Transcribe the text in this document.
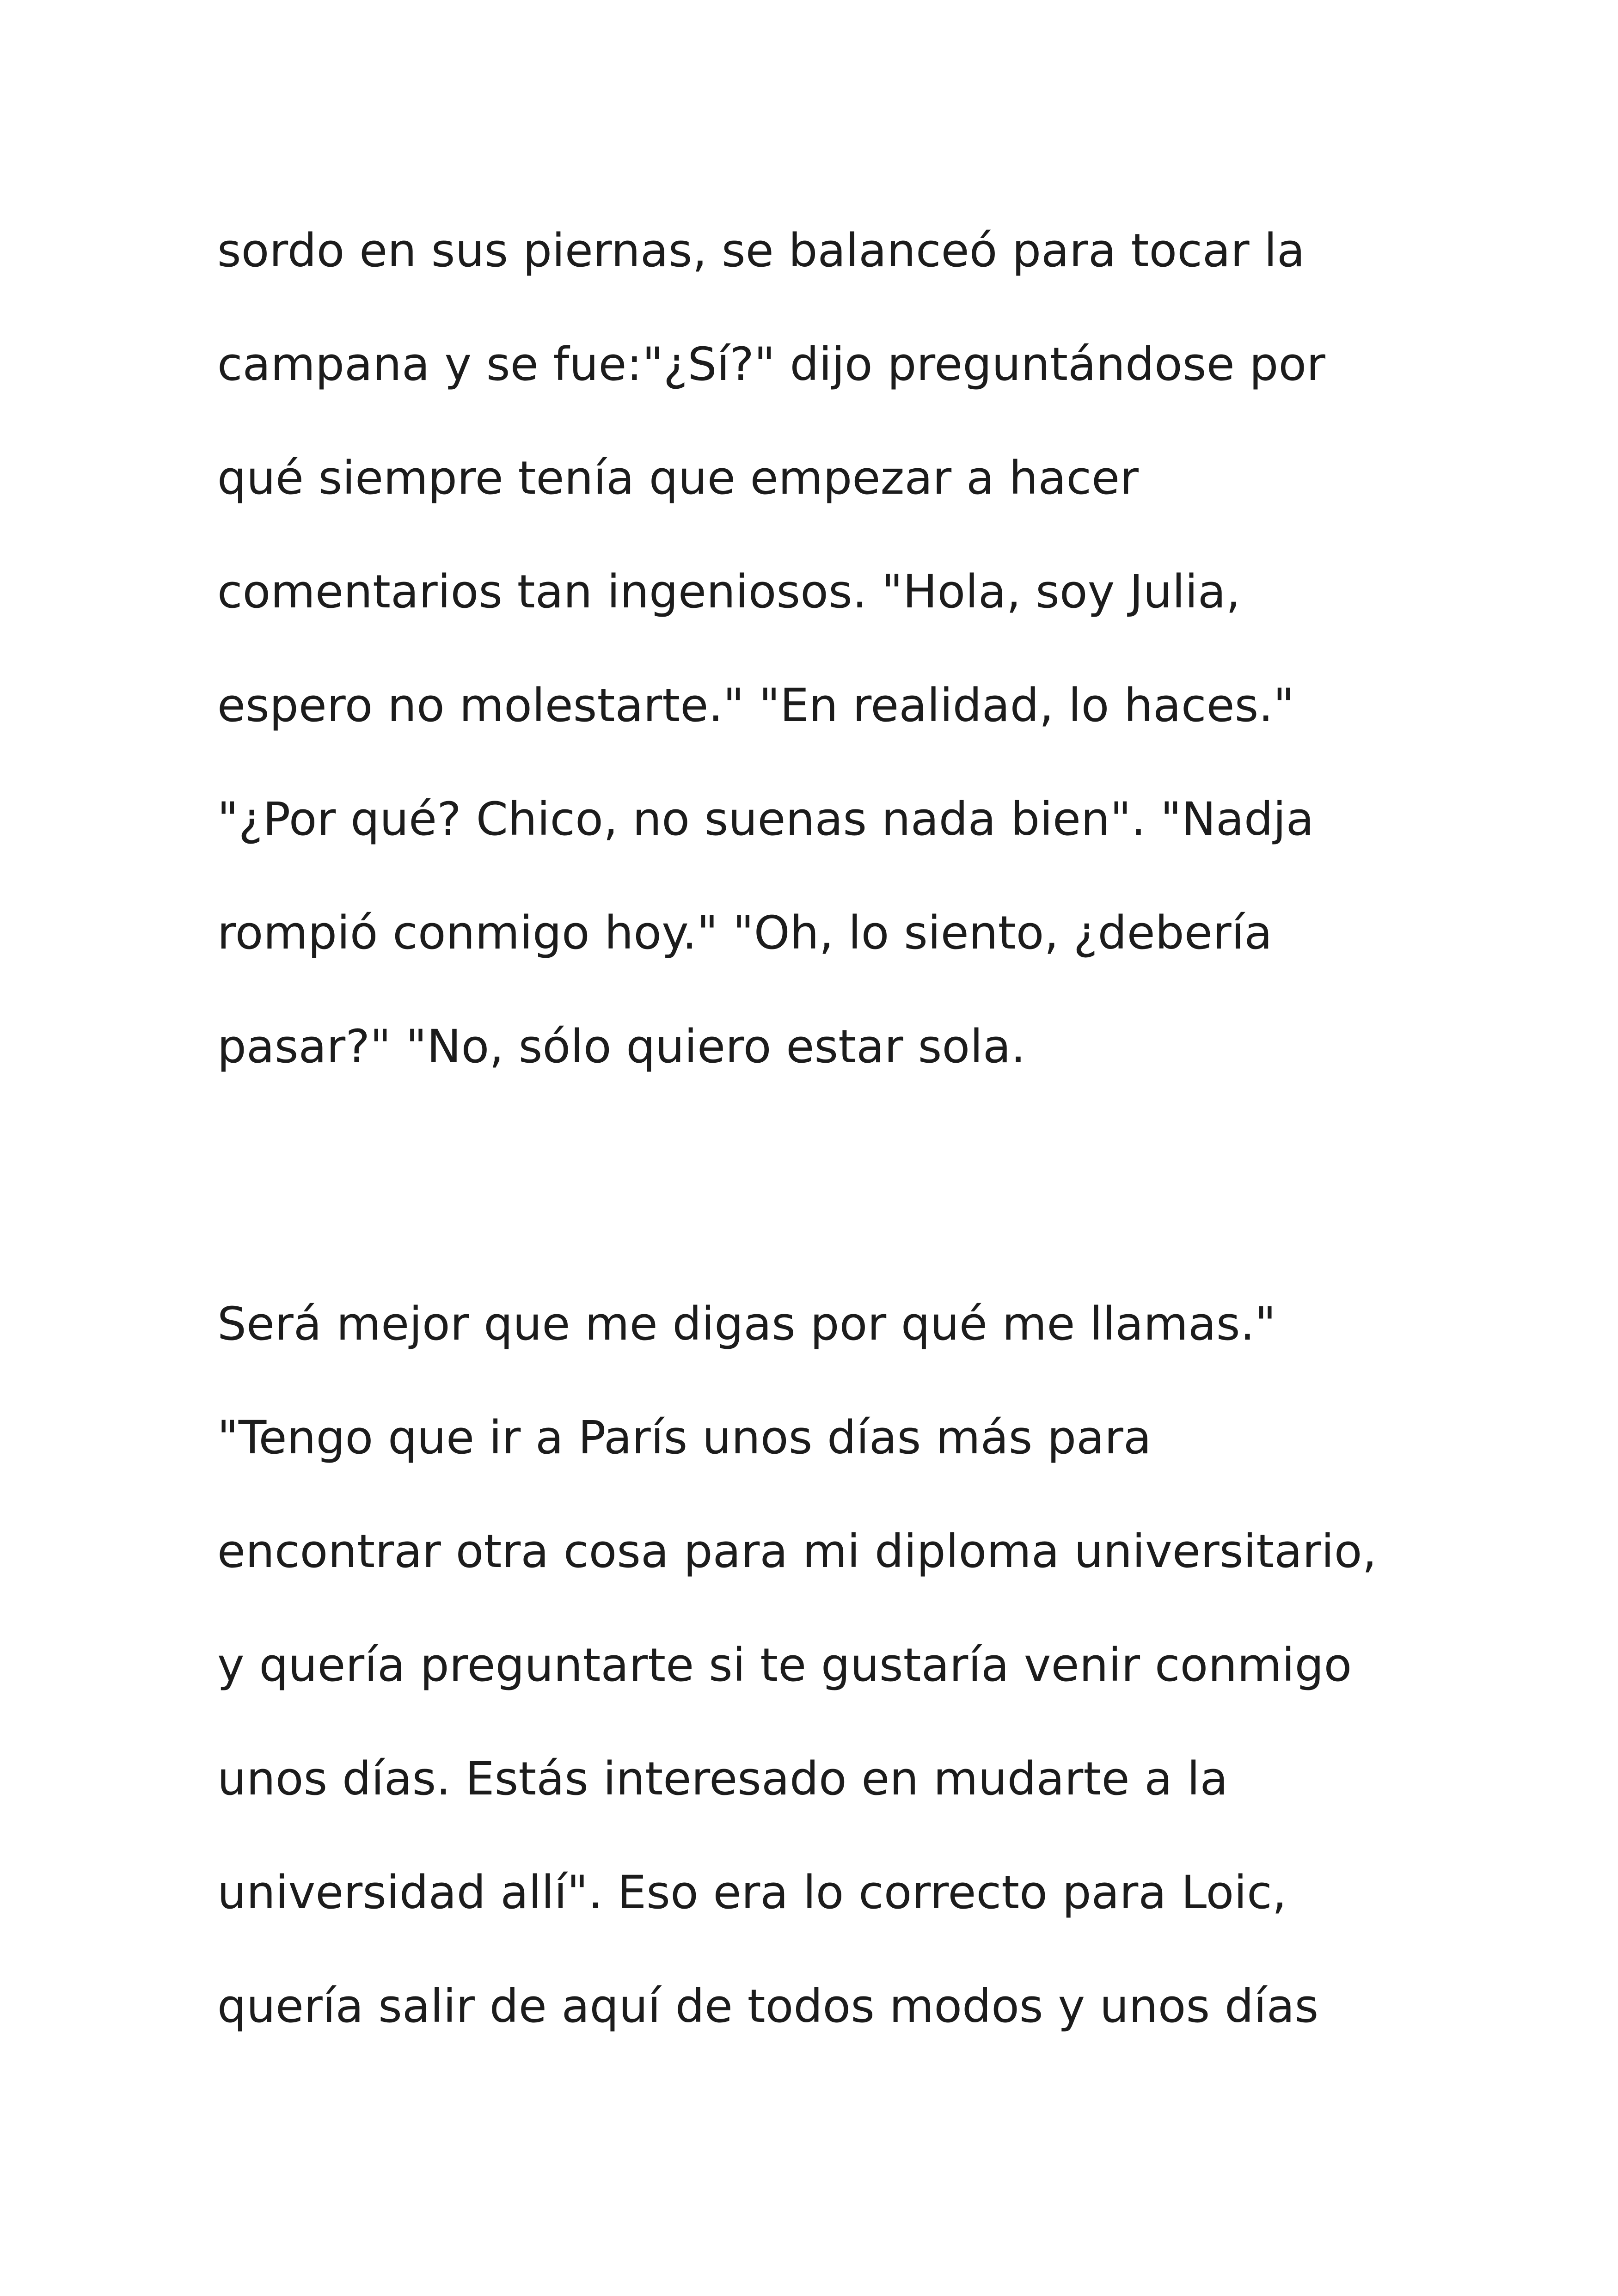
sordo en sus piernas, se balanceó para tocar la
campana y se fue:"¿Sí?" dijo preguntándose por
qué siempre tenía que empezar a hacer
comentarios tan ingeniosos. "Hola, soy Julia,
espero no molestarte." "En realidad, lo haces."
"¿Por qué? Chico, no suenas nada bien". "Nadja
rompió conmigo hoy." "Oh, lo siento, ¿debería
pasar?" "No, sólo quiero estar sola.

Será mejor que me digas por qué me llamas."
"Tengo que ir a París unos días más para
encontrar otra cosa para mi diploma universitario,
y quería preguntarte si te gustaría venir conmigo
unos días. Estás interesado en mudarte a la
universidad allí". Eso era lo correcto para Loic,
quería salir de aquí de todos modos y unos días
